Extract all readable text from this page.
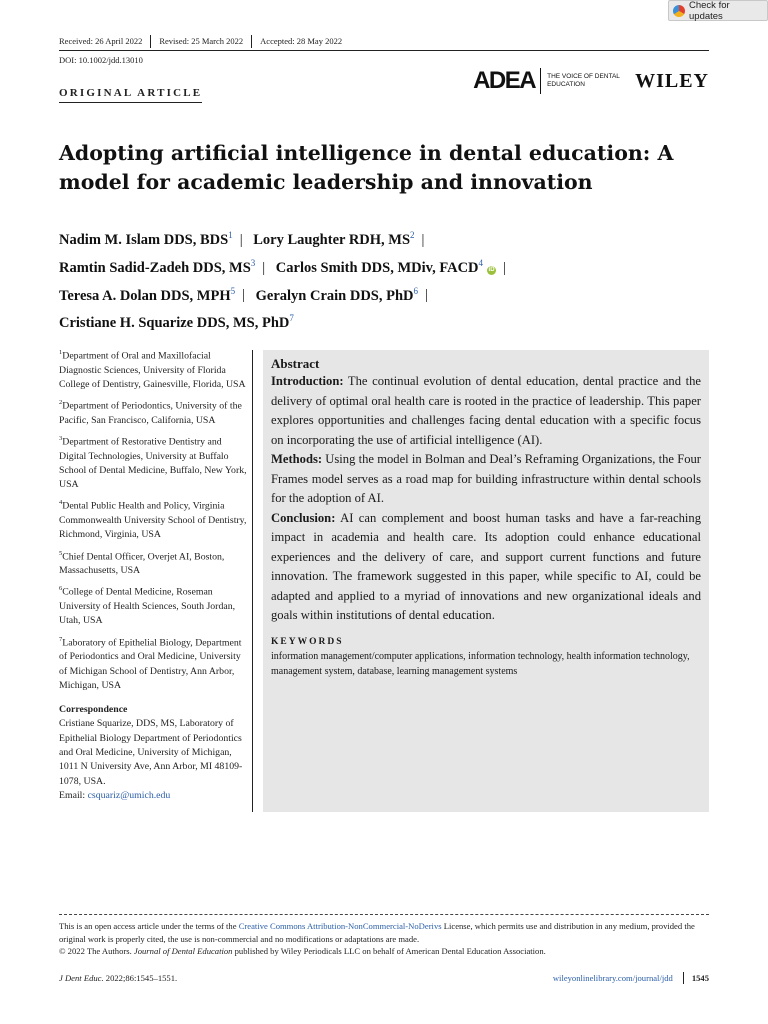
Check for updates
Received: 26 April 2022	Revised: 25 March 2022	Accepted: 28 May 2022
DOI: 10.1002/jdd.13010
ORIGINAL ARTICLE	ADEA	THE VOICE OF DENTAL EDUCATION	WILEY
Adopting artificial intelligence in dental education: A model for academic leadership and innovation
Nadim M. Islam DDS, BDS$^1$ | Lory Laughter RDH, $MS^2$ |
Ramtin Sadid-Zadeh DDS, $MS^3$ | Carlos Smith DDS, MDiv, FACD$^4$iD |
Teresa A. Dolan DDS, MPH$^5$ | Geralyn Crain DDS, PhD$^6$ |
Cristiane H. Squarize DDS, MS, PhD$^7$
$^1$Department of Oral and Maxillofacial Diagnostic Sciences, University of Florida College of Dentistry, Gainesville, Florida, USA
$^2$Department of Periodontics, University of the Pacific, San Francisco, California, USA
$^3$Department of Restorative Dentistry and Digital Technologies, University at Buffalo School of Dental Medicine, Buffalo, New York, USA
$^4$Dental Public Health and Policy, Virginia Commonwealth University School of Dentistry, Richmond, Virginia, USA
$^5$Chief Dental Officer, Overjet AI, Boston, Massachusetts, USA
$^6$College of Dental Medicine, Roseman University of Health Sciences, South Jordan, Utah, USA
$^7$Laboratory of Epithelial Biology, Department of Periodontics and Oral Medicine, University of Michigan School of Dentistry, Ann Arbor, Michigan, USA
Correspondence
Cristiane Squarize, DDS, MS, Laboratory of Epithelial Biology Department of Periodontics and Oral Medicine, University of Michigan, 1011 N University Ave, Ann Arbor, MI 48109-1078, USA.
Email: csquariz@umich.edu
Abstract

Introduction: The continual evolution of dental education, dental practice and the delivery of optimal oral health care is rooted in the practice of leadership. This paper explores opportunities and challenges facing dental education with a specific focus on incorporating the use of artificial intelligence (AI).

Methods: Using the model in Bolman and Deal’s Reframing Organizations, the Four Frames model serves as a road map for building infrastructure within dental schools for the adoption of AI.

Conclusion: AI can complement and boost human tasks and have a far-reaching impact in academia and health care. Its adoption could enhance educational experiences and the delivery of care, and support current functions and future innovation. The framework suggested in this paper, while specific to AI, could be adapted and applied to a myriad of innovations and new organizational ideals and goals within institutions of dental education.

KEYWORDS
information management/computer applications, information technology, health information technology, management system, database, learning management systems
This is an open access article under the terms of the Creative Commons Attribution-NonCommercial-NoDerivs License, which permits use and distribution in any medium, provided the original work is properly cited, the use is non-commercial and no modifications or adaptations are made.
© 2022 The Authors. Journal of Dental Education published by Wiley Periodicals LLC on behalf of American Dental Education Association.
J Dent Educ. 2022;86:1545–1551.	wileyonlinelibrary.com/journal/jdd	1545
